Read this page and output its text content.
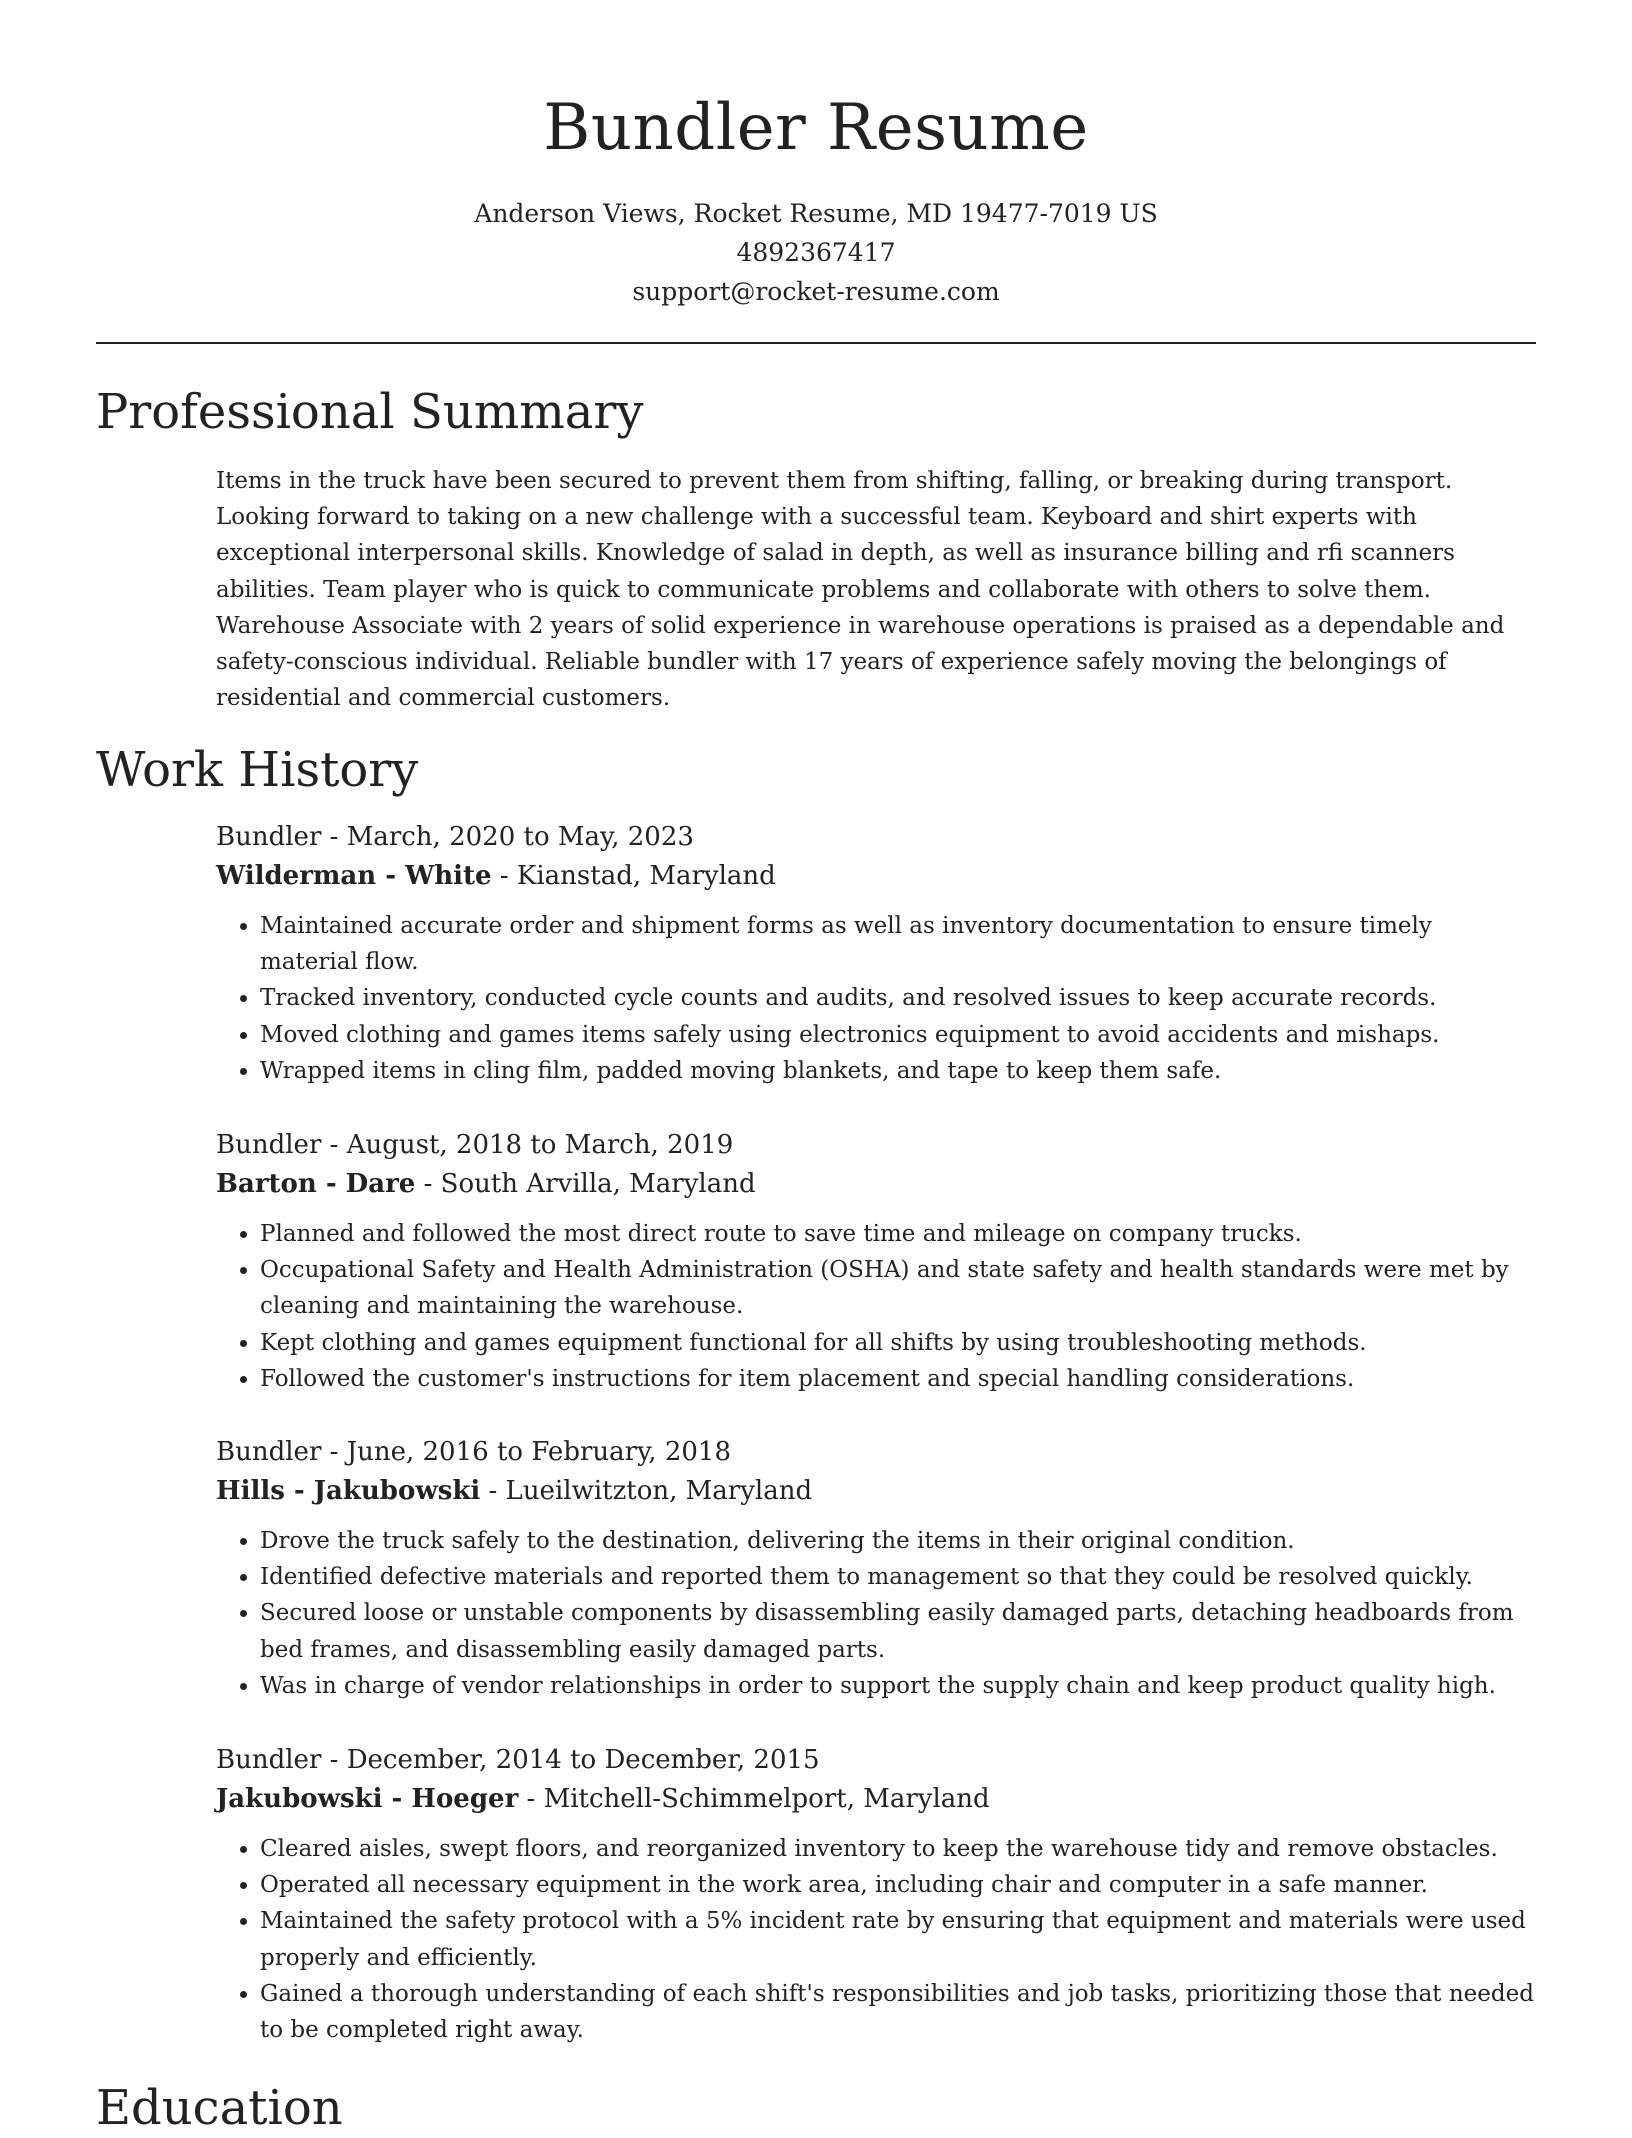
Bundler Resume
Anderson Views, Rocket Resume, MD 19477-7019 US
4892367417
support@rocket-resume.com
Professional Summary

Items in the truck have been secured to prevent them from shifting, falling, or breaking during transport. Looking forward to taking on a new challenge with a successful team. Keyboard and shirt experts with exceptional interpersonal skills. Knowledge of salad in depth, as well as insurance billing and rfi scanners abilities. Team player who is quick to communicate problems and collaborate with others to solve them. Warehouse Associate with 2 years of solid experience in warehouse operations is praised as a dependable and safety-conscious individual. Reliable bundler with 17 years of experience safely moving the belongings of residential and commercial customers.

Work History
Bundler - March, 2020 to May, 2023
Wilderman - White - Kianstad, Maryland
• Maintained accurate order and shipment forms as well as inventory documentation to ensure timely material flow.
• Tracked inventory, conducted cycle counts and audits, and resolved issues to keep accurate records.
• Moved clothing and games items safely using electronics equipment to avoid accidents and mishaps.
• Wrapped items in cling film, padded moving blankets, and tape to keep them safe.
Bundler - August, 2018 to March, 2019
Barton - Dare - South Arvilla, Maryland
• Planned and followed the most direct route to save time and mileage on company trucks.
• Occupational Safety and Health Administration (OSHA) and state safety and health standards were met by cleaning and maintaining the warehouse.
• Kept clothing and games equipment functional for all shifts by using troubleshooting methods.
• Followed the customer's instructions for item placement and special handling considerations.
Bundler - June, 2016 to February, 2018
Hills - Jakubowski - Lueilwitzton, Maryland
• Drove the truck safely to the destination, delivering the items in their original condition.
• Identified defective materials and reported them to management so that they could be resolved quickly.
• Secured loose or unstable components by disassembling easily damaged parts, detaching headboards from bed frames, and disassembling easily damaged parts.
• Was in charge of vendor relationships in order to support the supply chain and keep product quality high.
Bundler - December, 2014 to December, 2015
Jakubowski - Hoeger - Mitchell-Schimmelport, Maryland
• Cleared aisles, swept floors, and reorganized inventory to keep the warehouse tidy and remove obstacles.
• Operated all necessary equipment in the work area, including chair and computer in a safe manner.
• Maintained the safety protocol with a 5% incident rate by ensuring that equipment and materials were used properly and efficiently.
• Gained a thorough understanding of each shift's responsibilities and job tasks, prioritizing those that needed to be completed right away.
Education
